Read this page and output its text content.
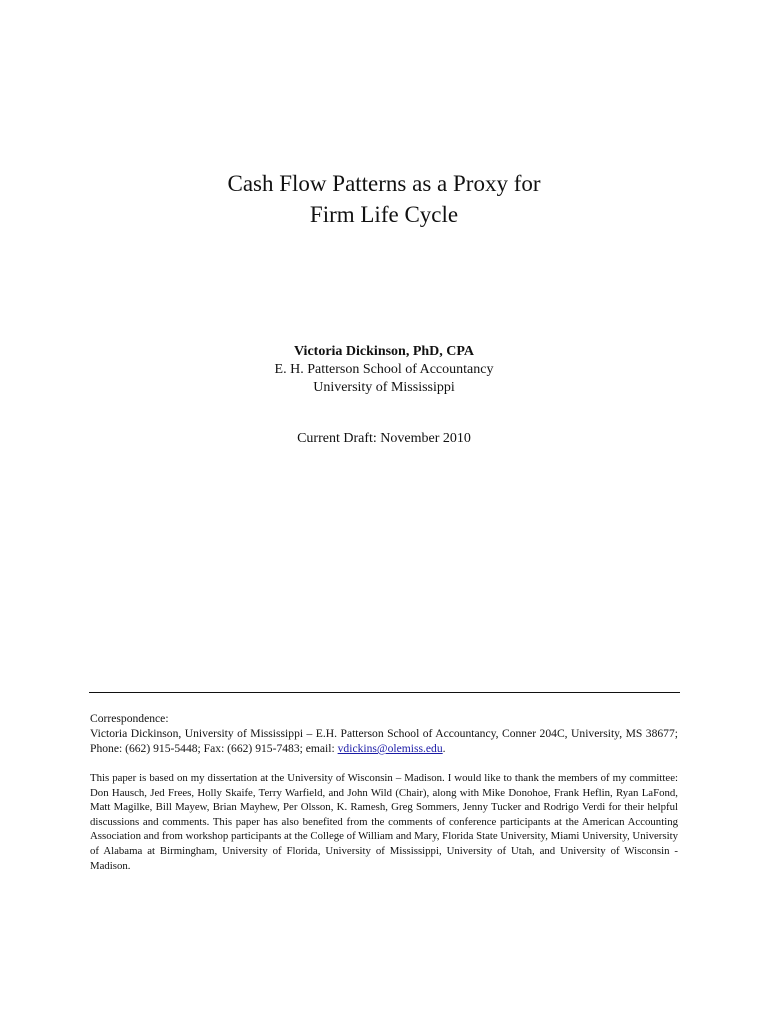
Cash Flow Patterns as a Proxy for
Firm Life Cycle
Victoria Dickinson, PhD, CPA
E. H. Patterson School of Accountancy
University of Mississippi
Current Draft: November 2010

Correspondence:

Victoria Dickinson, University of Mississippi – E.H. Patterson School of Accountancy, Conner 204C, University, MS 38677; Phone: (662) 915-5448; Fax: (662) 915-7483; email: vdickins@olemiss.edu.

This paper is based on my dissertation at the University of Wisconsin – Madison. I would like to thank the members of my committee: Don Hausch, Jed Frees, Holly Skaife, Terry Warfield, and John Wild (Chair), along with Mike Donohoe, Frank Heflin, Ryan LaFond, Matt Magilke, Bill Mayew, Brian Mayhew, Per Olsson, K. Ramesh, Greg Sommers, Jenny Tucker and Rodrigo Verdi for their helpful discussions and comments. This paper has also benefited from the comments of conference participants at the American Accounting Association and from workshop participants at the College of William and Mary, Florida State University, Miami University, University of Alabama at Birmingham, University of Florida, University of Mississippi, University of Utah, and University of Wisconsin - Madison.
